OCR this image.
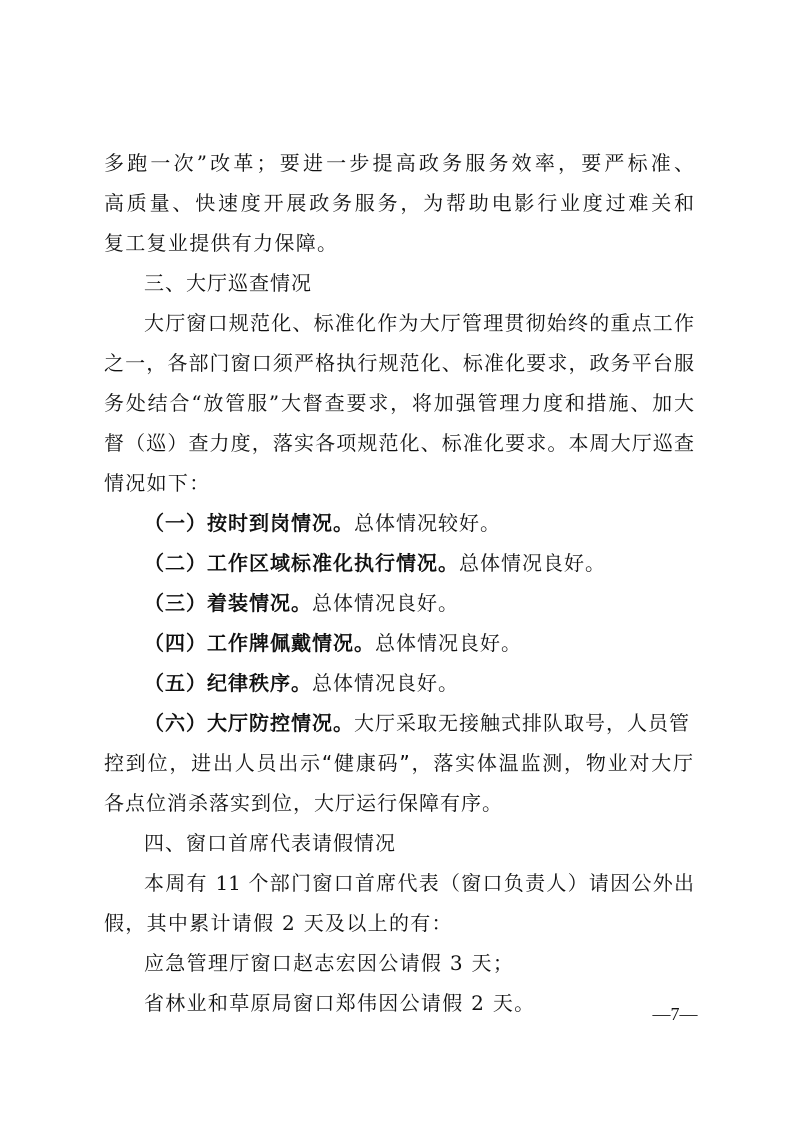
多跑一次”改革；要进一步提高政务服务效率，要严标准、
高质量、快速度开展政务服务，为帮助电影行业度过难关和
复工复业提供有力保障。
三、大厅巡查情况
大厅窗口规范化、标准化作为大厅管理贯彻始终的重点工作
之一，各部门窗口须严格执行规范化、标准化要求，政务平台服
务处结合“放管服”大督查要求，将加强管理力度和措施、加大
督（巡）查力度，落实各项规范化、标准化要求。本周大厅巡查
情况如下：
（一）按时到岗情况。总体情况较好。
（二）工作区域标准化执行情况。总体情况良好。
（三）着装情况。总体情况良好。
（四）工作牌佩戴情况。总体情况良好。
（五）纪律秩序。总体情况良好。
（六）大厅防控情况。大厅采取无接触式排队取号，人员管
控到位，进出人员出示“健康码”，落实体温监测，物业对大厅
各点位消杀落实到位，大厅运行保障有序。
四、窗口首席代表请假情况
本周有 11 个部门窗口首席代表（窗口负责人）请因公外出
假，其中累计请假 2 天及以上的有：
应急管理厅窗口赵志宏因公请假 3 天；
省林业和草原局窗口郑伟因公请假 2 天。	—7—
